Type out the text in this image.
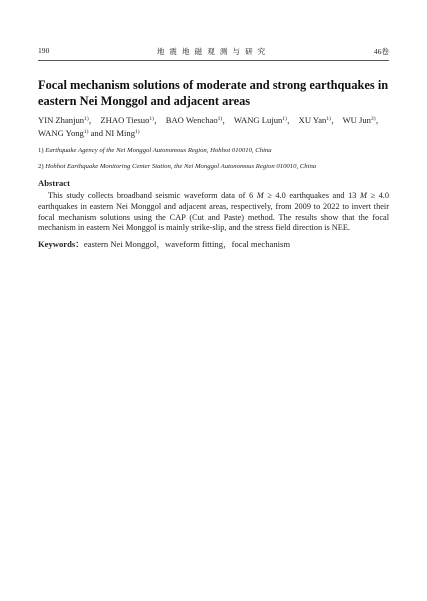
190	地震地磁观测与研究	46卷
Focal mechanism solutions of moderate and strong earthquakes in eastern Nei Monggol and adjacent areas

YIN Zhanjun$^{1)}$， ZHAO Tiesuo$^{1)}$， BAO Wenchao$^{1)}$， WANG Lujun$^{1)}$， XU Yan$^{1)}$， WU Jun$^{2)}$，
WANG Yong$^{1)}$ and NI Ming$^{1)}$

1) Earthquake Agency of the Nei Monggol Autonomous Region, Hohhot 010010, China

2) Hohhot Earthquake Monitoring Center Station, the Nei Monggol Autonomous Region 010010, China

Abstract

This study collects broadband seismic waveform data of 6 M ≥ 4.0 earthquakes and 13 M ≥ 4.0 earthquakes in eastern Nei Monggol and adjacent areas, respectively, from 2009 to 2022 to invert their focal mechanism solutions using the CAP (Cut and Paste) method. The results show that the focal mechanism in eastern Nei Monggol is mainly strike-slip, and the stress field direction is NEE.

Keywords：eastern Nei Monggol，waveform fitting，focal mechanism
